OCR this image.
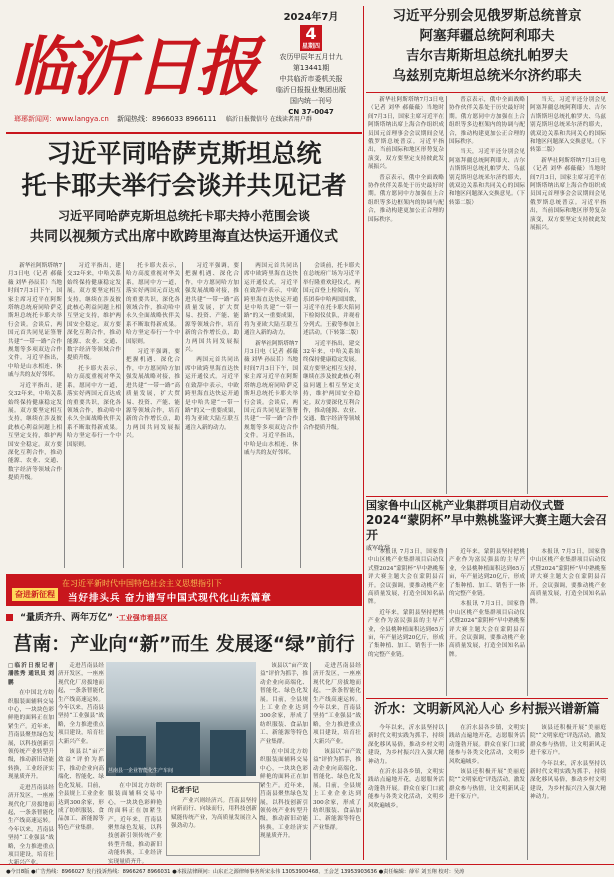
临沂日报
瑯琊新闻网：www.langya.cn 新闻热线：8966033 8966111	临沂日报微信号 在线读者用户群
2024年7月
4
星期四

农历甲辰年五月廿九

第13441期

中共临沂市委机关报

临沂日报报业集团出版

国内统一刊号

CN 37-0047

习近平分别会见俄罗斯总统普京
阿塞拜疆总统阿利耶夫
吉尔吉斯斯坦总统扎帕罗夫
乌兹别克斯坦总统米尔济约耶夫

新华社阿斯塔纳7月3日电（记者 刘华 郝薇薇）当地时间7月3日，国家主席习近平在阿斯塔纳出席上海合作组织成员国元首理事会会议期间会见俄罗斯总统普京。习近平指出，当前国际和地区形势复杂演变，双方要坚定支持彼此发展振兴。

普京表示，俄中全面战略协作伙伴关系处于历史最好时期。俄方愿同中方加强在上合组织等多边框架内的协调与配合，推动构建更加公正合理的国际秩序。

普京表示，俄中全面战略协作伙伴关系处于历史最好时期。俄方愿同中方加强在上合组织等多边框架内的协调与配合，推动构建更加公正合理的国际秩序。

当天，习近平还分别会见阿塞拜疆总统阿利耶夫、吉尔吉斯斯坦总统扎帕罗夫、乌兹别克斯坦总统米尔济约耶夫，就双边关系和共同关心的国际和地区问题深入交换意见。（下转第二版）

当天，习近平还分别会见阿塞拜疆总统阿利耶夫、吉尔吉斯斯坦总统扎帕罗夫、乌兹别克斯坦总统米尔济约耶夫，就双边关系和共同关心的国际和地区问题深入交换意见。（下转第二版）

新华社阿斯塔纳7月3日电（记者 刘华 郝薇薇）当地时间7月3日，国家主席习近平在阿斯塔纳出席上海合作组织成员国元首理事会会议期间会见俄罗斯总统普京。习近平指出，当前国际和地区形势复杂演变，双方要坚定支持彼此发展振兴。

习近平同哈萨克斯坦总统
托卡耶夫举行会谈并共见记者
习近平同哈萨克斯坦总统托卡耶夫持小范围会谈
共同以视频方式出席中欧跨里海直达快运开通仪式

新华社阿斯塔纳7月3日电（记者 郝薇薇 刘华 孙辰茗）当地时间7月3日下午，国家主席习近平在阿斯塔纳总统府同哈萨克斯坦总统托卡耶夫举行会谈。会谈后，两国元首共同见证签署共建“一带一路”合作规划等多项双边合作文件。习近平指出，中哈是山水相连、休戚与共的友好邻邦。

习近平指出，建交32年来，中哈关系始终保持健康稳定发展。双方要坚定相互支持，继续在涉及彼此核心利益问题上相互坚定支持，维护两国安全稳定。双方要深化互利合作，推动能源、农业、交通、数字经济等领域合作提质升级。

习近平指出，建交32年来，中哈关系始终保持健康稳定发展。双方要坚定相互支持，继续在涉及彼此核心利益问题上相互坚定支持，维护两国安全稳定。双方要深化互利合作，推动能源、农业、交通、数字经济等领域合作提质升级。

托卡耶夫表示，哈方高度重视对华关系，愿同中方一道，落实好两国元首达成的重要共识，深化各领域合作，推动哈中永久全面战略伙伴关系不断取得新成果。哈方坚定奉行一个中国原则。

托卡耶夫表示，哈方高度重视对华关系，愿同中方一道，落实好两国元首达成的重要共识，深化各领域合作，推动哈中永久全面战略伙伴关系不断取得新成果。哈方坚定奉行一个中国原则。

习近平强调，要把握机遇、深化合作，中方愿同哈方加强发展战略对接，推进共建“一带一路”高质量发展，扩大贸易、投资、产能、能源等领域合作，培育新的合作增长点，助力两国共同发展振兴。

习近平强调，要把握机遇、深化合作，中方愿同哈方加强发展战略对接，推进共建“一带一路”高质量发展，扩大贸易、投资、产能、能源等领域合作，培育新的合作增长点，助力两国共同发展振兴。

两国元首共同出席中欧跨里海直达快运开通仪式。习近平在致辞中表示，中欧跨里海直达快运开通是中哈共建“一带一路”的又一重要成果，将为亚欧大陆互联互通注入新的动力。

两国元首共同出席中欧跨里海直达快运开通仪式。习近平在致辞中表示，中欧跨里海直达快运开通是中哈共建“一带一路”的又一重要成果，将为亚欧大陆互联互通注入新的动力。

新华社阿斯塔纳7月3日电（记者 郝薇薇 刘华 孙辰茗）当地时间7月3日下午，国家主席习近平在阿斯塔纳总统府同哈萨克斯坦总统托卡耶夫举行会谈。会谈后，两国元首共同见证签署共建“一带一路”合作规划等多项双边合作文件。习近平指出，中哈是山水相连、休戚与共的友好邻邦。

会谈前，托卡耶夫在总统府广场为习近平举行隆重欢迎仪式。两国元首登上检阅台，军乐团奏中哈两国国歌，习近平在托卡耶夫陪同下检阅仪仗队，并观看分列式。王毅等参加上述活动。（下转第二版）

习近平指出，建交32年来，中哈关系始终保持健康稳定发展。双方要坚定相互支持，继续在涉及彼此核心利益问题上相互坚定支持，维护两国安全稳定。双方要深化互利合作，推动能源、农业、交通、数字经济等领域合作提质升级。

在习近平新时代中国特色社会主义思想指引下
奋进新征程	当好排头兵 奋力谱写中国式现代化山东篇章
“量质齐升、两年万亿” ·工业强市看县区
莒南：产业向“新”而生 发展逐“绿”前行

□临沂日报记者 潘胜秀 通讯员 刘鹏

在中国北方纺织服装面辅料交易中心，一块块色彩鲜艳的面料正在加紧生产。近年来，莒南县聚焦绿色发展，以科技创新引领传统产业转型升级，推动新旧动能转换，工业经济实现量质齐升。

走进莒南县经济开发区，一座座现代化厂房拔地而起，一条条智能化生产线高速运转。今年以来，莒南县坚持“工业强县”战略，全力推进重点项目建设，培育壮大新兴产业。

走进莒南县经济开发区，一座座现代化厂房拔地而起，一条条智能化生产线高速运转。今年以来，莒南县坚持“工业强县”战略，全力推进重点项目建设，培育壮大新兴产业。

该县以“亩产效益”评价为抓手，推动企业向高端化、智能化、绿色化发展。目前，全县规上工业企业达到300余家，形成了纺织服装、食品加工、新能源等特色产业集群。

莒南县一企业智能化生产车间

该县以“亩产效益”评价为抓手，推动企业向高端化、智能化、绿色化发展。目前，全县规上工业企业达到300余家，形成了纺织服装、食品加工、新能源等特色产业集群。

在中国北方纺织服装面辅料交易中心，一块块色彩鲜艳的面料正在加紧生产。近年来，莒南县聚焦绿色发展，以科技创新引领传统产业转型升级，推动新旧动能转换，工业经济实现量质齐升。

走进莒南县经济开发区，一座座现代化厂房拔地而起，一条条智能化生产线高速运转。今年以来，莒南县坚持“工业强县”战略，全力推进重点项目建设，培育壮大新兴产业。

该县以“亩产效益”评价为抓手，推动企业向高端化、智能化、绿色化发展。目前，全县规上工业企业达到300余家，形成了纺织服装、食品加工、新能源等特色产业集群。

在中国北方纺织服装面辅料交易中心，一块块色彩鲜艳的面料正在加紧生产。近年来，莒南县聚焦绿色发展，以科技创新引领传统产业转型升级，推动新旧动能转换，工业经济实现量质齐升。

记者手记

产业兴则经济兴。莒南县坚持向新而行、向绿而行，用科技创新赋能传统产业，为高质量发展注入强劲动力。

国家鲁中山区桃产业集群项目启动仪式暨
2024“蒙阴杯”早中熟桃鉴评大赛主题大会召开
戚军政辞

本报讯 7月3日，国家鲁中山区桃产业集群项目启动仪式暨2024“蒙阴杯”早中熟桃鉴评大赛主题大会在蒙阴县召开。会议强调，要推动桃产业高质量发展，打造全国知名品牌。

近年来，蒙阴县坚持把桃产业作为富民强县的主导产业，全县桃种植面积达到65万亩，年产量达到20亿斤，形成了集种植、加工、销售于一体的完整产业链。

近年来，蒙阴县坚持把桃产业作为富民强县的主导产业，全县桃种植面积达到65万亩，年产量达到20亿斤，形成了集种植、加工、销售于一体的完整产业链。

本报讯 7月3日，国家鲁中山区桃产业集群项目启动仪式暨2024“蒙阴杯”早中熟桃鉴评大赛主题大会在蒙阴县召开。会议强调，要推动桃产业高质量发展，打造全国知名品牌。

本报讯 7月3日，国家鲁中山区桃产业集群项目启动仪式暨2024“蒙阴杯”早中熟桃鉴评大赛主题大会在蒙阴县召开。会议强调，要推动桃产业高质量发展，打造全国知名品牌。

沂水：文明新风沁人心 乡村振兴谱新篇

今年以来，沂水县坚持以新时代文明实践为抓手，持续深化移风易俗，推动乡村文明建设，为乡村振兴注入强大精神动力。

在沂水县各乡镇，文明实践站点遍地开花，志愿服务活动蓬勃开展。群众在家门口就能参与各类文化活动，文明乡风吹遍城乡。

在沂水县各乡镇，文明实践站点遍地开花，志愿服务活动蓬勃开展。群众在家门口就能参与各类文化活动，文明乡风吹遍城乡。

该县还积极开展“美丽庭院”“文明家庭”评选活动，激发群众参与热情，让文明新风走进千家万户。

该县还积极开展“美丽庭院”“文明家庭”评选活动，激发群众参与热情，让文明新风走进千家万户。

今年以来，沂水县坚持以新时代文明实践为抓手，持续深化移风易俗，推动乡村文明建设，为乡村振兴注入强大精神动力。

●今日8版 ●广告热线：8966027 发行投诉热线：8966267 8966031 ●本报法律顾问：山东正之源律师事务所宋永伟 13053900468、王会芝 13953903636 ●责任编辑：薛军 刘玉翔 校对：吴涛
